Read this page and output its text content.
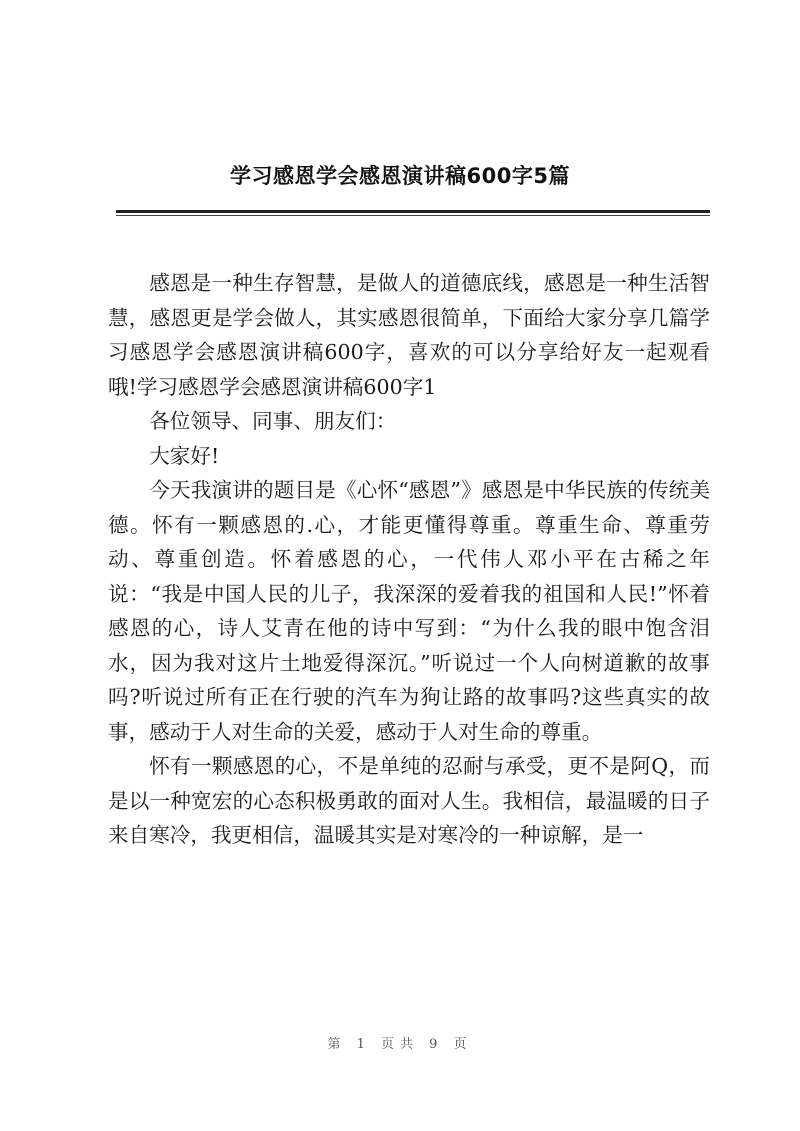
学习感恩学会感恩演讲稿600字5篇

感恩是一种生存智慧，是做人的道德底线，感恩是一种生活智慧，感恩更是学会做人，其实感恩很简单，下面给大家分享几篇学习感恩学会感恩演讲稿600字，喜欢的可以分享给好友一起观看哦!学习感恩学会感恩演讲稿600字1

各位领导、同事、朋友们：

大家好!

今天我演讲的题目是《心怀“感恩”》感恩是中华民族的传统美德。怀有一颗感恩的.心，才能更懂得尊重。尊重生命、尊重劳动、尊重创造。怀着感恩的心，一代伟人邓小平在古稀之年说：“我是中国人民的儿子，我深深的爱着我的祖国和人民!”怀着感恩的心，诗人艾青在他的诗中写到：“为什么我的眼中饱含泪水，因为我对这片土地爱得深沉。”听说过一个人向树道歉的故事吗?听说过所有正在行驶的汽车为狗让路的故事吗?这些真实的故事，感动于人对生命的关爱，感动于人对生命的尊重。

怀有一颗感恩的心，不是单纯的忍耐与承受，更不是阿Q，而是以一种宽宏的心态积极勇敢的面对人生。我相信，最温暖的日子来自寒冷，我更相信，温暖其实是对寒冷的一种谅解，是一

第 1 页共 9 页
